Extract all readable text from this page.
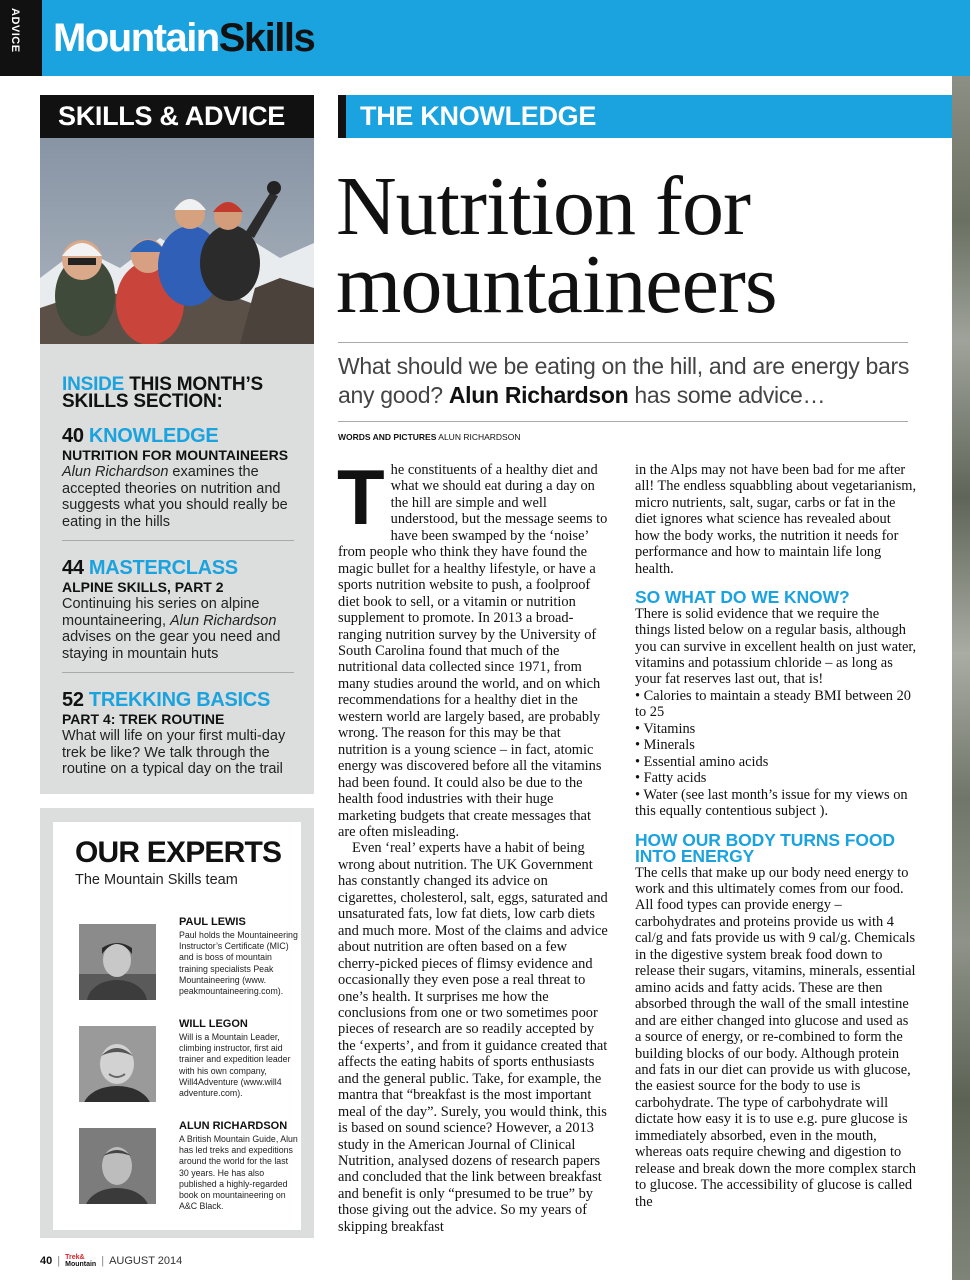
ADVICE MountainSkills
SKILLS & ADVICE
INSIDE THIS MONTH’S
SKILLS SECTION:
40 KNOWLEDGE
NUTRITION FOR MOUNTAINEERS
Alun Richardson examines the accepted theories on nutrition and suggests what you should really be eating in the hills
44 MASTERCLASS
ALPINE SKILLS, PART 2
Continuing his series on alpine mountaineering, Alun Richardson advises on the gear you need and staying in mountain huts
52 TREKKING BASICS
PART 4: TREK ROUTINE
What will life on your first multi-day trek be like? We talk through the routine on a typical day on the trail
OUR EXPERTS
The Mountain Skills team
PAUL LEWIS
Paul holds the Mountaineering Instructor’s Certificate (MIC) and is boss of mountain training specialists Peak Mountaineering (www. peakmountaineering.com).
WILL LEGON
Will is a Mountain Leader, climbing instructor, first aid trainer and expedition leader with his own company, Will4Adventure (www.will4 adventure.com).
ALUN RICHARDSON
A British Mountain Guide, Alun has led treks and expeditions around the world for the last 30 years. He has also published a highly-regarded book on mountaineering on A&C Black.
THE KNOWLEDGE
Nutrition for
mountaineers
What should we be eating on the hill, and are energy bars any good? Alun Richardson has some advice…
WORDS AND PICTURES ALUN RICHARDSON

The constituents of a healthy diet and what we should eat during a day on the hill are simple and well understood, but the message seems to have been swamped by the ‘noise’ from people who think they have found the magic bullet for a healthy lifestyle, or have a sports nutrition website to push, a foolproof diet book to sell, or a vitamin or nutrition supplement to promote. In 2013 a broad-ranging nutrition survey by the University of South Carolina found that much of the nutritional data collected since 1971, from many studies around the world, and on which recommendations for a healthy diet in the western world are largely based, are probably wrong. The reason for this may be that nutrition is a young science – in fact, atomic energy was discovered before all the vitamins had been found. It could also be due to the health food industries with their huge marketing budgets that create messages that are often misleading.

Even ‘real’ experts have a habit of being wrong about nutrition. The UK Government has constantly changed its advice on cigarettes, cholesterol, salt, eggs, saturated and unsaturated fats, low fat diets, low carb diets and much more. Most of the claims and advice about nutrition are often based on a few cherry-picked pieces of flimsy evidence and occasionally they even pose a real threat to one’s health. It surprises me how the conclusions from one or two sometimes poor pieces of research are so readily accepted by the ‘experts’, and from it guidance created that affects the eating habits of sports enthusiasts and the general public. Take, for example, the mantra that “breakfast is the most important meal of the day”. Surely, you would think, this is based on sound science? However, a 2013 study in the American Journal of Clinical Nutrition, analysed dozens of research papers and concluded that the link between breakfast and benefit is only “presumed to be true” by those giving out the advice. So my years of skipping breakfast

in the Alps may not have been bad for me after all! The endless squabbling about vegetarianism, micro nutrients, salt, sugar, carbs or fat in the diet ignores what science has revealed about how the body works, the nutrition it needs for performance and how to maintain life long health.

SO WHAT DO WE KNOW?

There is solid evidence that we require the things listed below on a regular basis, although you can survive in excellent health on just water, vitamins and potassium chloride – as long as your fat reserves last out, that is!

• Calories to maintain a steady BMI between 20 to 25

• Vitamins

• Minerals

• Essential amino acids

• Fatty acids

• Water (see last month’s issue for my views on this equally contentious subject ).

HOW OUR BODY TURNS FOOD INTO ENERGY

The cells that make up our body need energy to work and this ultimately comes from our food. All food types can provide energy – carbohydrates and proteins provide us with 4 cal/g and fats provide us with 9 cal/g. Chemicals in the digestive system break food down to release their sugars, vitamins, minerals, essential amino acids and fatty acids. These are then absorbed through the wall of the small intestine and are either changed into glucose and used as a source of energy, or re-combined to form the building blocks of our body. Although protein and fats in our diet can provide us with glucose, the easiest source for the body to use is carbohydrate. The type of carbohydrate will dictate how easy it is to use e.g. pure glucose is immediately absorbed, even in the mouth, whereas oats require chewing and digestion to release and break down the more complex starch to glucose. The accessibility of glucose is called the

40 | Trek&
Mountain | AUGUST 2014
